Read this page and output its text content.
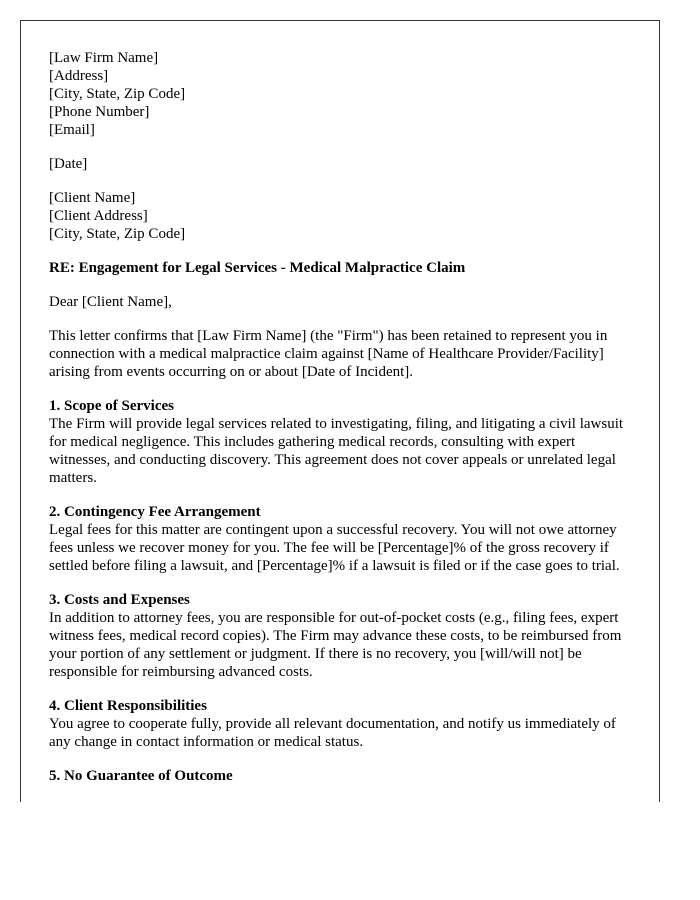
[Law Firm Name]
[Address]
[City, State, Zip Code]
[Phone Number]
[Email]

[Date]

[Client Name]
[Client Address]
[City, State, Zip Code]

RE: Engagement for Legal Services - Medical Malpractice Claim

Dear [Client Name],

This letter confirms that [Law Firm Name] (the "Firm") has been retained to represent you in connection with a medical malpractice claim against [Name of Healthcare Provider/Facility] arising from events occurring on or about [Date of Incident].

1. Scope of Services

The Firm will provide legal services related to investigating, filing, and litigating a civil lawsuit for medical negligence. This includes gathering medical records, consulting with expert witnesses, and conducting discovery. This agreement does not cover appeals or unrelated legal matters.

2. Contingency Fee Arrangement

Legal fees for this matter are contingent upon a successful recovery. You will not owe attorney fees unless we recover money for you. The fee will be [Percentage]% of the gross recovery if settled before filing a lawsuit, and [Percentage]% if a lawsuit is filed or if the case goes to trial.

3. Costs and Expenses

In addition to attorney fees, you are responsible for out-of-pocket costs (e.g., filing fees, expert witness fees, medical record copies). The Firm may advance these costs, to be reimbursed from your portion of any settlement or judgment. If there is no recovery, you [will/will not] be responsible for reimbursing advanced costs.

4. Client Responsibilities

You agree to cooperate fully, provide all relevant documentation, and notify us immediately of any change in contact information or medical status.

5. No Guarantee of Outcome
